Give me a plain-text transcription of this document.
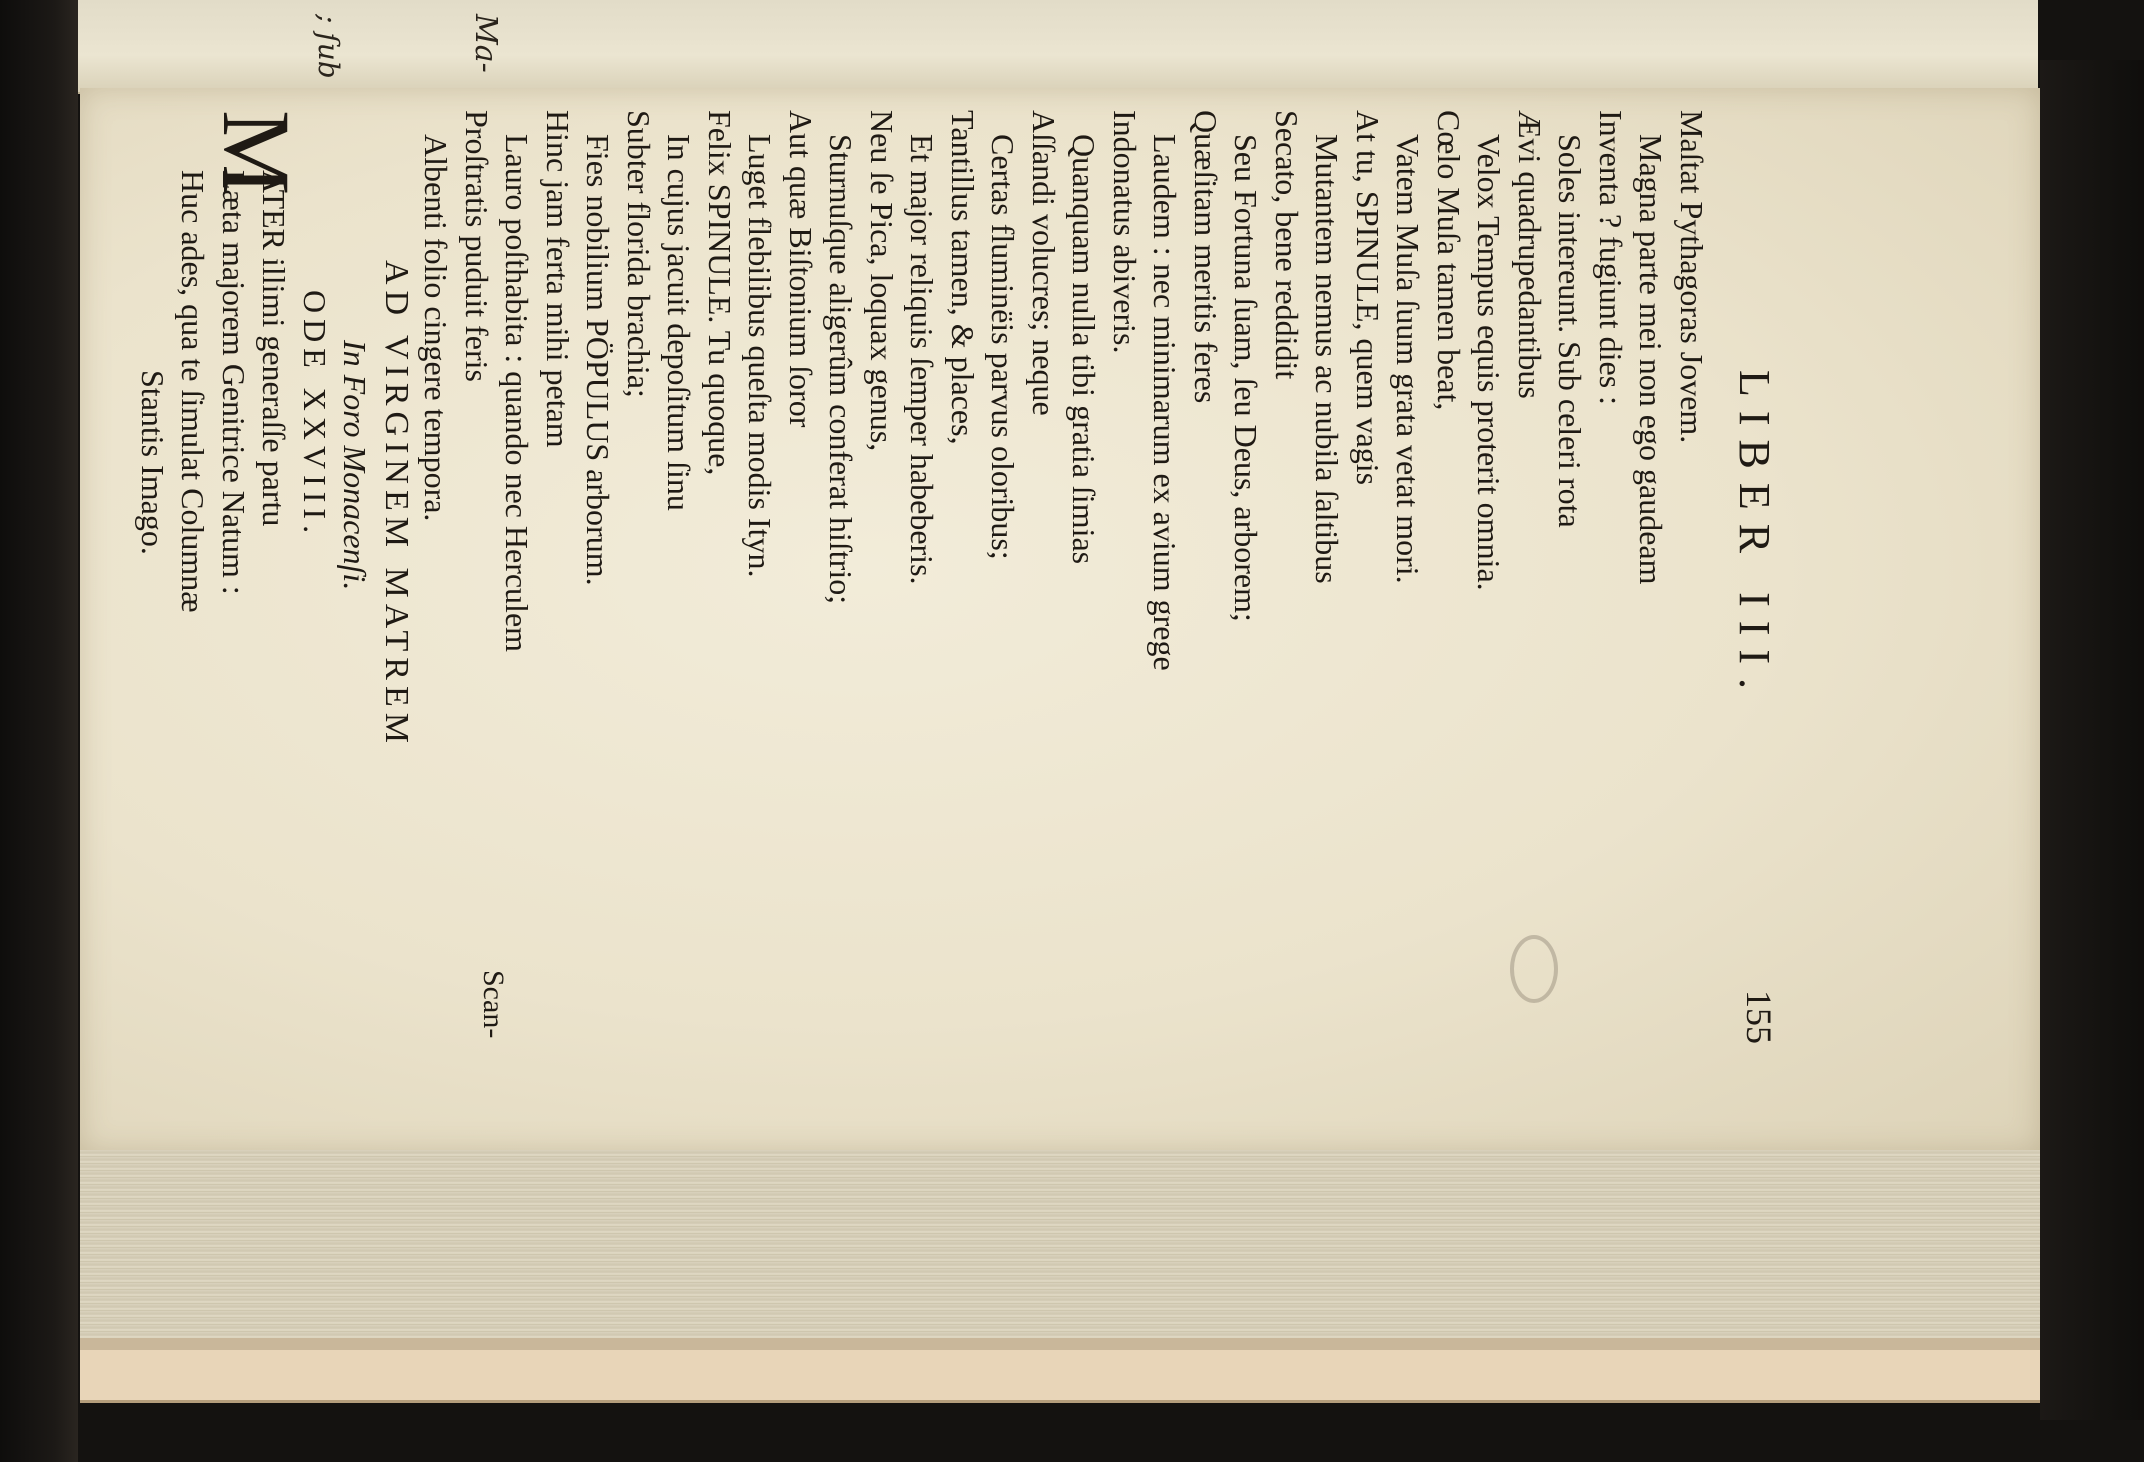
Ma-
; ſub
LIBER III.
155
Maſtat Pythagoras Jovem.
Magna parte mei non ego gaudeam
Inventa ? fugiunt dies :
Soles intereunt. Sub celeri rota
Ævi quadrupedantibus
Velox Tempus equis proterit omnia.
Cœlo Muſa tamen beat,
Vatem Muſa ſuum grata vetat mori.
At tu, SPINULE, quem vagis
Mutantem nemus ac nubila ſaltibus
Secato, bene reddidit
Seu Fortuna ſuam, ſeu Deus, arborem;
Quæſitam meritis feres
Laudem : nec minimarum ex avium grege
Indonatus abiveris.
Quanquam nulla tibi gratia ſimias
Aſſandi volucres; neque
Certas fluminëis parvus oloribus;
Tantillus tamen, & places,
Et major reliquis ſemper habeberis.
Neu ſe Pica, loquax genus,
Sturnuſque aligerûm conferat hiſtrio;
Aut quæ Biſtonium ſoror
Luget flebilibus queſta modis Ityn.
Felix SPINULE. Tu quoque,
In cujus jacuit depoſitum ſinu
Subter florida brachia;
Fies nobilium PÖPULUS arborum.
Hinc jam ferta mihi petam
Lauro poſthabita : quando nec Herculem
Proſtratis puduit feris
Albenti folio cingere tempora.
AD VIRGINEM MATREM
In Foro Monacenſi.
ODE XXVIII.
M
ATER illimi generaſſe partu
Læta majorem Genitrice Natum :
Huc ades, qua te ſimulat Columnæ
Stantis Imago.
Scan-
